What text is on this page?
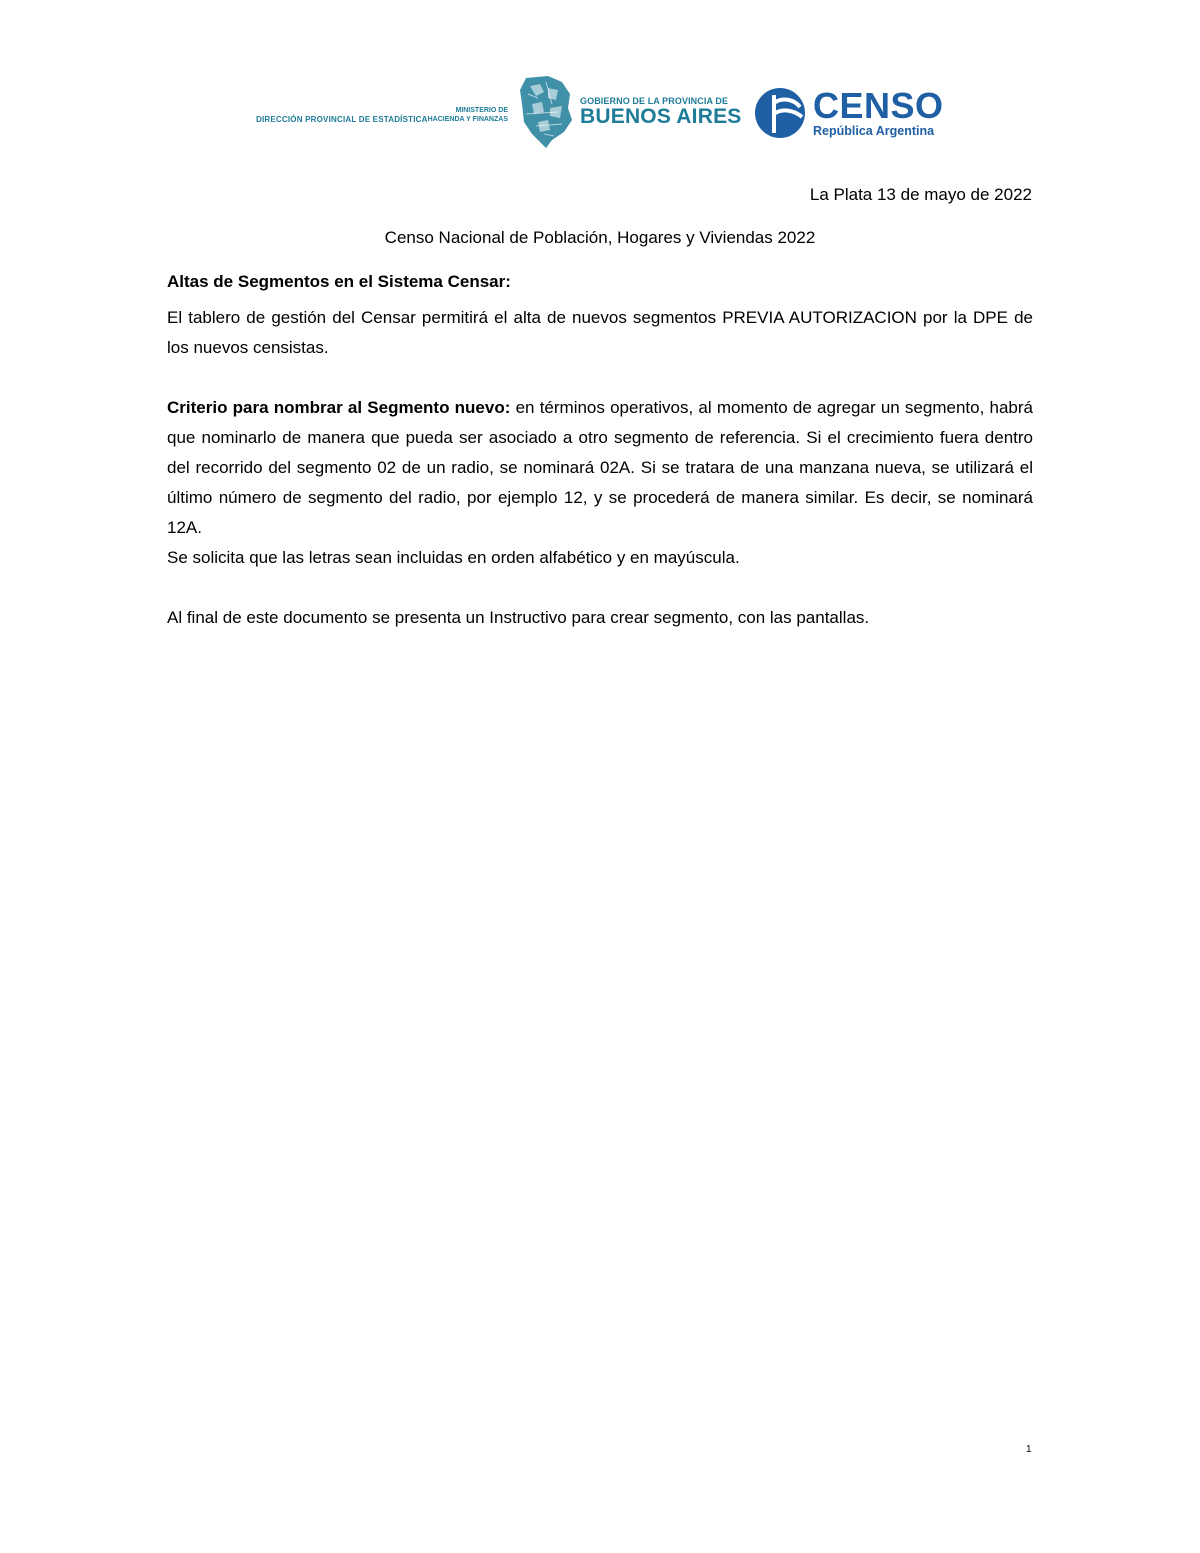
DIRECCIÓN PROVINCIAL DE ESTADÍSTICA
MINISTERIO DE
HACIENDA Y FINANZAS
GOBIERNO DE LA PROVINCIA DE
BUENOS AIRES CENSO
República Argentina
La Plata 13 de mayo de 2022
Censo Nacional de Población, Hogares y Viviendas 2022
Altas de Segmentos en el Sistema Censar:
El tablero de gestión del Censar permitirá el alta de nuevos segmentos PREVIA AUTORIZACION por la DPE de los nuevos censistas.
Criterio para nombrar al Segmento nuevo: en términos operativos, al momento de agregar un segmento, habrá que nominarlo de manera que pueda ser asociado a otro segmento de referencia. Si el crecimiento fuera dentro del recorrido del segmento 02 de un radio, se nominará 02A. Si se tratara de una manzana nueva, se utilizará el último número de segmento del radio, por ejemplo 12, y se procederá de manera similar. Es decir, se nominará 12A.
Se solicita que las letras sean incluidas en orden alfabético y en mayúscula.
Al final de este documento se presenta un Instructivo para crear segmento, con las pantallas.
1
